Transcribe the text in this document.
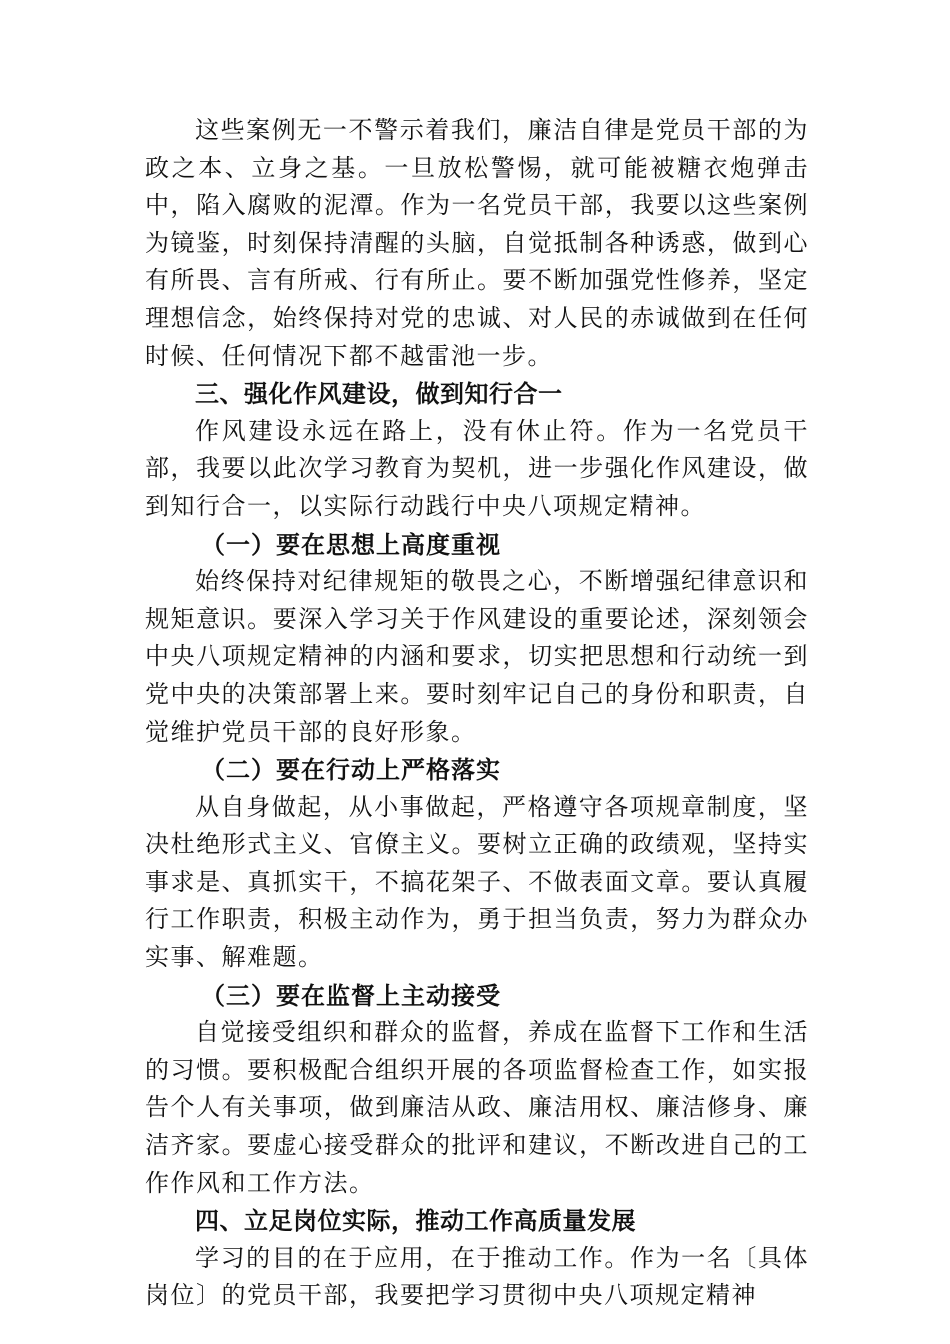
这些案例无一不警示着我们，廉洁自律是党员干部的为政之本、立身之基。一旦放松警惕，就可能被糖衣炮弹击中，陷入腐败的泥潭。作为一名党员干部，我要以这些案例为镜鉴，时刻保持清醒的头脑，自觉抵制各种诱惑，做到心有所畏、言有所戒、行有所止。要不断加强党性修养，坚定理想信念，始终保持对党的忠诚、对人民的赤诚做到在任何时候、任何情况下都不越雷池一步。

三、强化作风建设，做到知行合一

作风建设永远在路上，没有休止符。作为一名党员干部，我要以此次学习教育为契机，进一步强化作风建设，做到知行合一，以实际行动践行中央八项规定精神。

（一）要在思想上高度重视

始终保持对纪律规矩的敬畏之心，不断增强纪律意识和规矩意识。要深入学习关于作风建设的重要论述，深刻领会中央八项规定精神的内涵和要求，切实把思想和行动统一到党中央的决策部署上来。要时刻牢记自己的身份和职责，自觉维护党员干部的良好形象。

（二）要在行动上严格落实

从自身做起，从小事做起，严格遵守各项规章制度，坚决杜绝形式主义、官僚主义。要树立正确的政绩观，坚持实事求是、真抓实干，不搞花架子、不做表面文章。要认真履行工作职责，积极主动作为，勇于担当负责，努力为群众办实事、解难题。

（三）要在监督上主动接受

自觉接受组织和群众的监督，养成在监督下工作和生活的习惯。要积极配合组织开展的各项监督检查工作，如实报告个人有关事项，做到廉洁从政、廉洁用权、廉洁修身、廉洁齐家。要虚心接受群众的批评和建议，不断改进自己的工作作风和工作方法。

四、立足岗位实际，推动工作高质量发展

学习的目的在于应用，在于推动工作。作为一名〔具体岗位〕的党员干部，我要把学习贯彻中央八项规定精神
